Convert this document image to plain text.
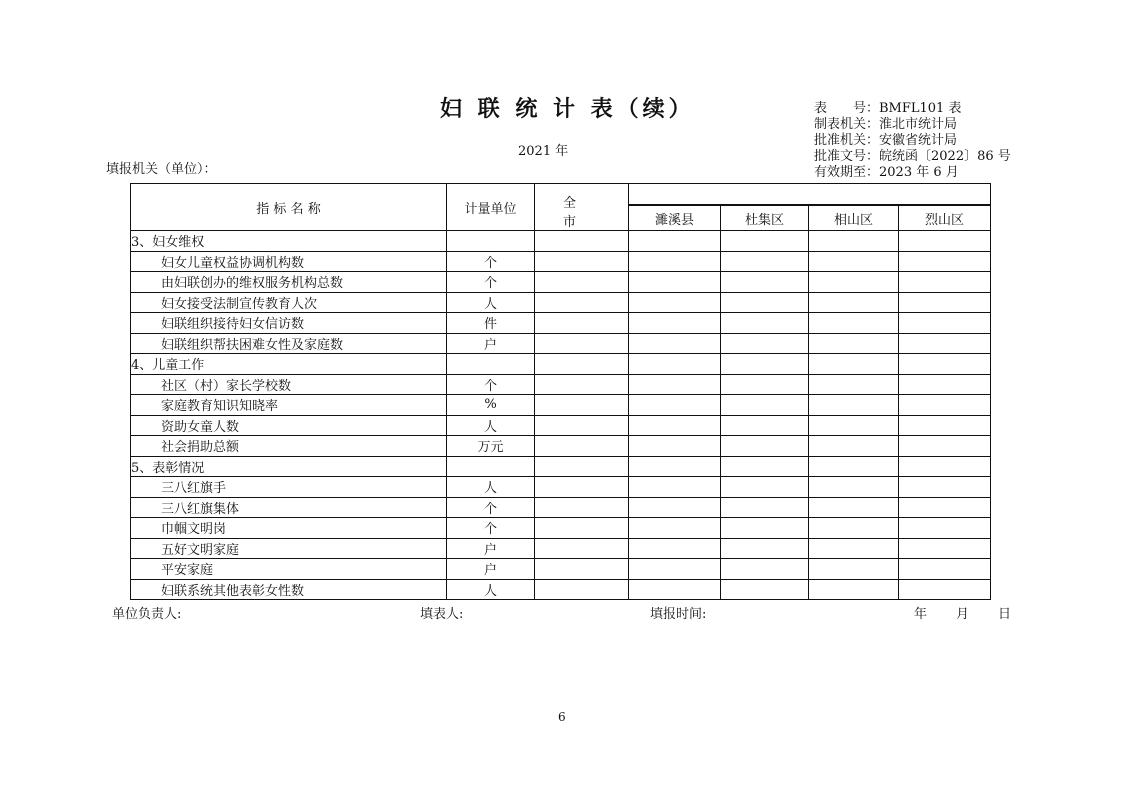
妇 联 统 计 表（续）
2021 年
填报机关（单位）：
表　　号：BMFL101 表
制表机关：淮北市统计局
批准机关：安徽省统计局
批准文号：皖统函〔2022〕86 号
有效期至：2023 年 6 月
指 标 名 称	计量单位	全 市				
			濉溪县	杜集区	相山区	烈山区
3、妇女维权						
妇女儿童权益协调机构数	个					
由妇联创办的维权服务机构总数	个					
妇女接受法制宣传教育人次	人					
妇联组织接待妇女信访数	件					
妇联组织帮扶困难女性及家庭数	户					
4、儿童工作						
社区（村）家长学校数	个					
家庭教育知识知晓率	%					
资助女童人数	人					
社会捐助总额	万元					
5、表彰情况						
三八红旗手	人					
三八红旗集体	个					
巾帼文明岗	个					
五好文明家庭	户					
平安家庭	户					
妇联系统其他表彰女性数	人					
单位负责人:	填表人:	填报时间:	年 月 日
6
